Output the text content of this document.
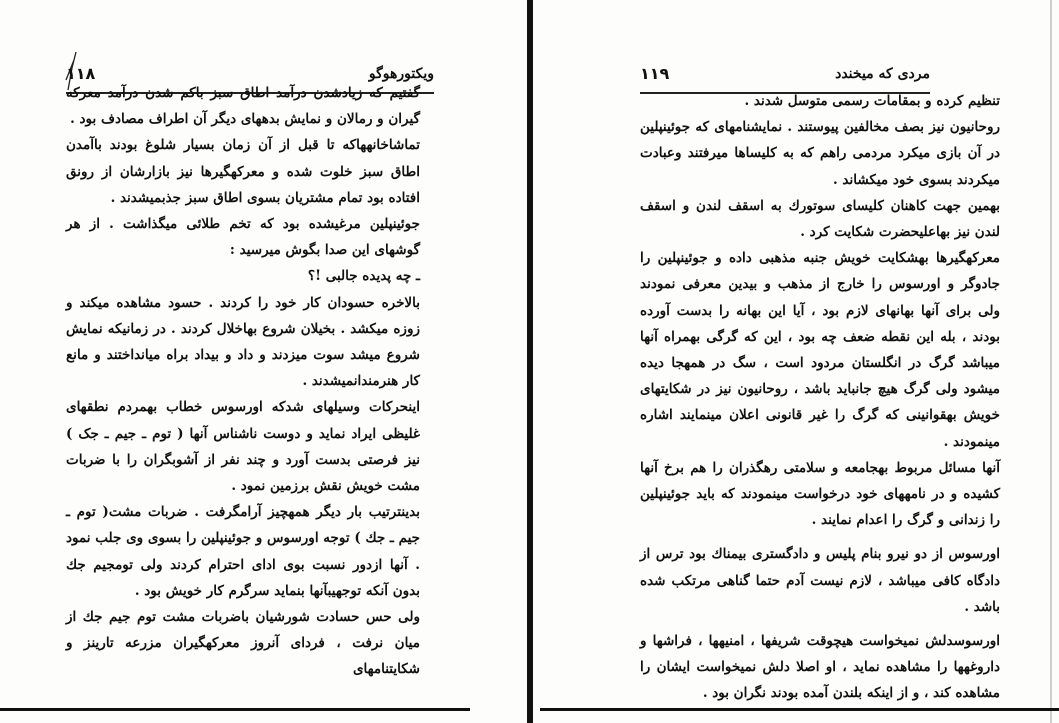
ویکتورهوگو
۱۱۸	مردی که میخندد
۱۱۹

گفتیم که زیادشدن درآمد اطاق سبز باکم شدن درآمد معرکه گیران و رمالان و نمایش بدههای دیگر آن اطراف مصادف بود .

تماشاخانههاکه تا قبل از آن زمان بسیار شلوغ بودند باآمدن اطاق سبز خلوت شده و معرکهگیرها نیز بازارشان از رونق افتاده بود تمام مشتریان بسوی اطاق سبز جذبمیشدند .

جوئینپلین مرغیشده بود که تخم طلائی میگذاشت . از هر گوشهای این صدا بگوش میرسید :

ـ چه پدیده جالبی !؟

بالاخره حسودان کار خود را کردند . حسود مشاهده میکند و زوزه میکشد . بخیلان شروع بهاخلال کردند . در زمانیکه نمایش شروع میشد سوت میزدند و داد و بیداد براه میانداختند و مانع کار هنرمندانمیشدند .

اینحرکات وسیلهای شدکه اورسوس خطاب بهمردم نطقهای غلیظی ایراد نماید و دوست ناشناس آنها ( توم ـ جیم ـ جک ) نیز فرصتی بدست آورد و چند نفر از آشوبگران را با ضربات مشت خویش نقش برزمین نمود .

بدینترتیب بار دیگر همهچیز آرامگرفت . ضربات مشت( توم ـ جیم ـ جك ) توجه اورسوس و جوئینپلین را بسوی وی جلب نمود . آنها ازدور نسبت بوی ادای احترام کردند ولی تومجیم جك بدون آنکه توجهیبآنها بنماید سرگرم کار خویش بود .

ولی حس حسادت شورشیان باضربات مشت توم جیم جك از میان نرفت ، فردای آنروز معرکهگیران مزرعه تارینز و شکایتنامهای

تنظیم کرده و بمقامات رسمی متوسل شدند .

روحانیون نیز بصف مخالفین پیوستند . نمایشنامهای که جوئینپلین در آن بازی میکرد مردمی راهم که به کلیساها میرفتند وعبادت میکردند بسوی خود میکشاند .

بهمین جهت کاهنان کلیسای سوتورك به اسقف لندن و اسقف لندن نیز بهاعلیحضرت شکایت کرد .

معرکهگیرها بهشکایت خویش جنبه مذهبی داده و جوئینپلین را جادوگر و اورسوس را خارج از مذهب و بیدین معرفی نمودند ولی برای آنها بهانهای لازم بود ، آیا این بهانه را بدست آورده بودند ، بله این نقطه ضعف چه بود ، این که گرگی بهمراه آنها میباشد گرگ در انگلستان مردود است ، سگ در همهجا دیده میشود ولی گرگ هیچ جانباید باشد ، روحانیون نیز در شکایتهای خویش بهقوانینی که گرگ را غیر قانونی اعلان مینمایند اشاره مینمودند .

آنها مسائل مربوط بهجامعه و سلامتی رهگذران را هم برخ آنها کشیده و در نامههای خود درخواست مینمودند که باید جوئینپلین را زندانی و گرگ را اعدام نمایند .

اورسوس از دو نیرو بنام پلیس و دادگستری بیمناك بود ترس از دادگاه کافی میباشد ، لازم نیست آدم حتما گناهی مرتکب شده باشد .

اورسوسدلش نمیخواست هیچوقت شریفها ، امنیهها ، فراشها و داروغهها را مشاهده نماید ، او اصلا دلش نمیخواست ایشان را مشاهده کند ، و از اینکه بلندن آمده بودند نگران بود .
